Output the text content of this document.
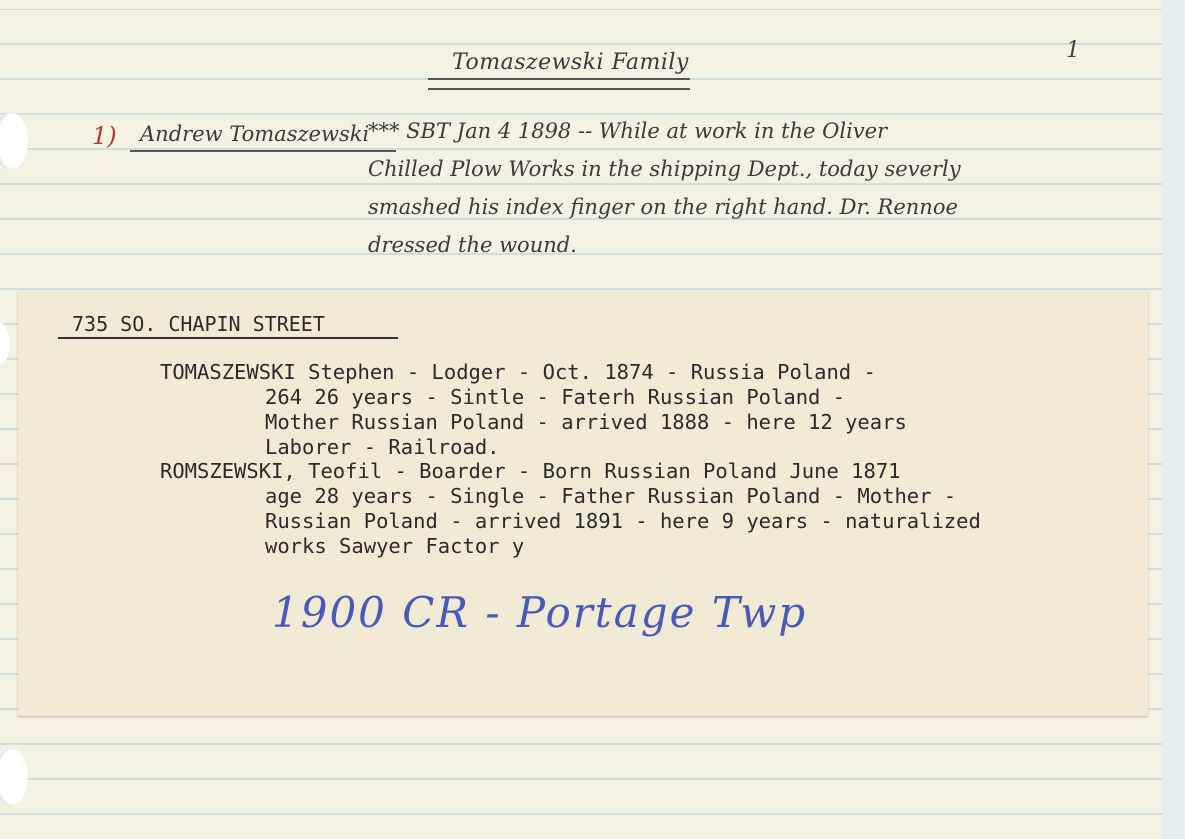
Tomaszewski Family	1
1) Andrew Tomaszewski
*** SBT Jan 4 1898 -- While at work in the Oliver
Chilled Plow Works in the shipping Dept., today severly
smashed his index finger on the right hand. Dr. Rennoe
dressed the wound.
735 SO. CHAPIN STREET
TOMASZEWSKI Stephen - Lodger - Oct. 1874 - Russia Poland -
264 26 years - Sintle - Faterh Russian Poland -
Mother Russian Poland - arrived 1888 - here 12 years
Laborer - Railroad.
ROMSZEWSKI, Teofil - Boarder - Born Russian Poland June 1871
age 28 years - Single - Father Russian Poland - Mother -
Russian Poland - arrived 1891 - here 9 years - naturalized
works Sawyer Factor y
1900 CR - Portage Twp
